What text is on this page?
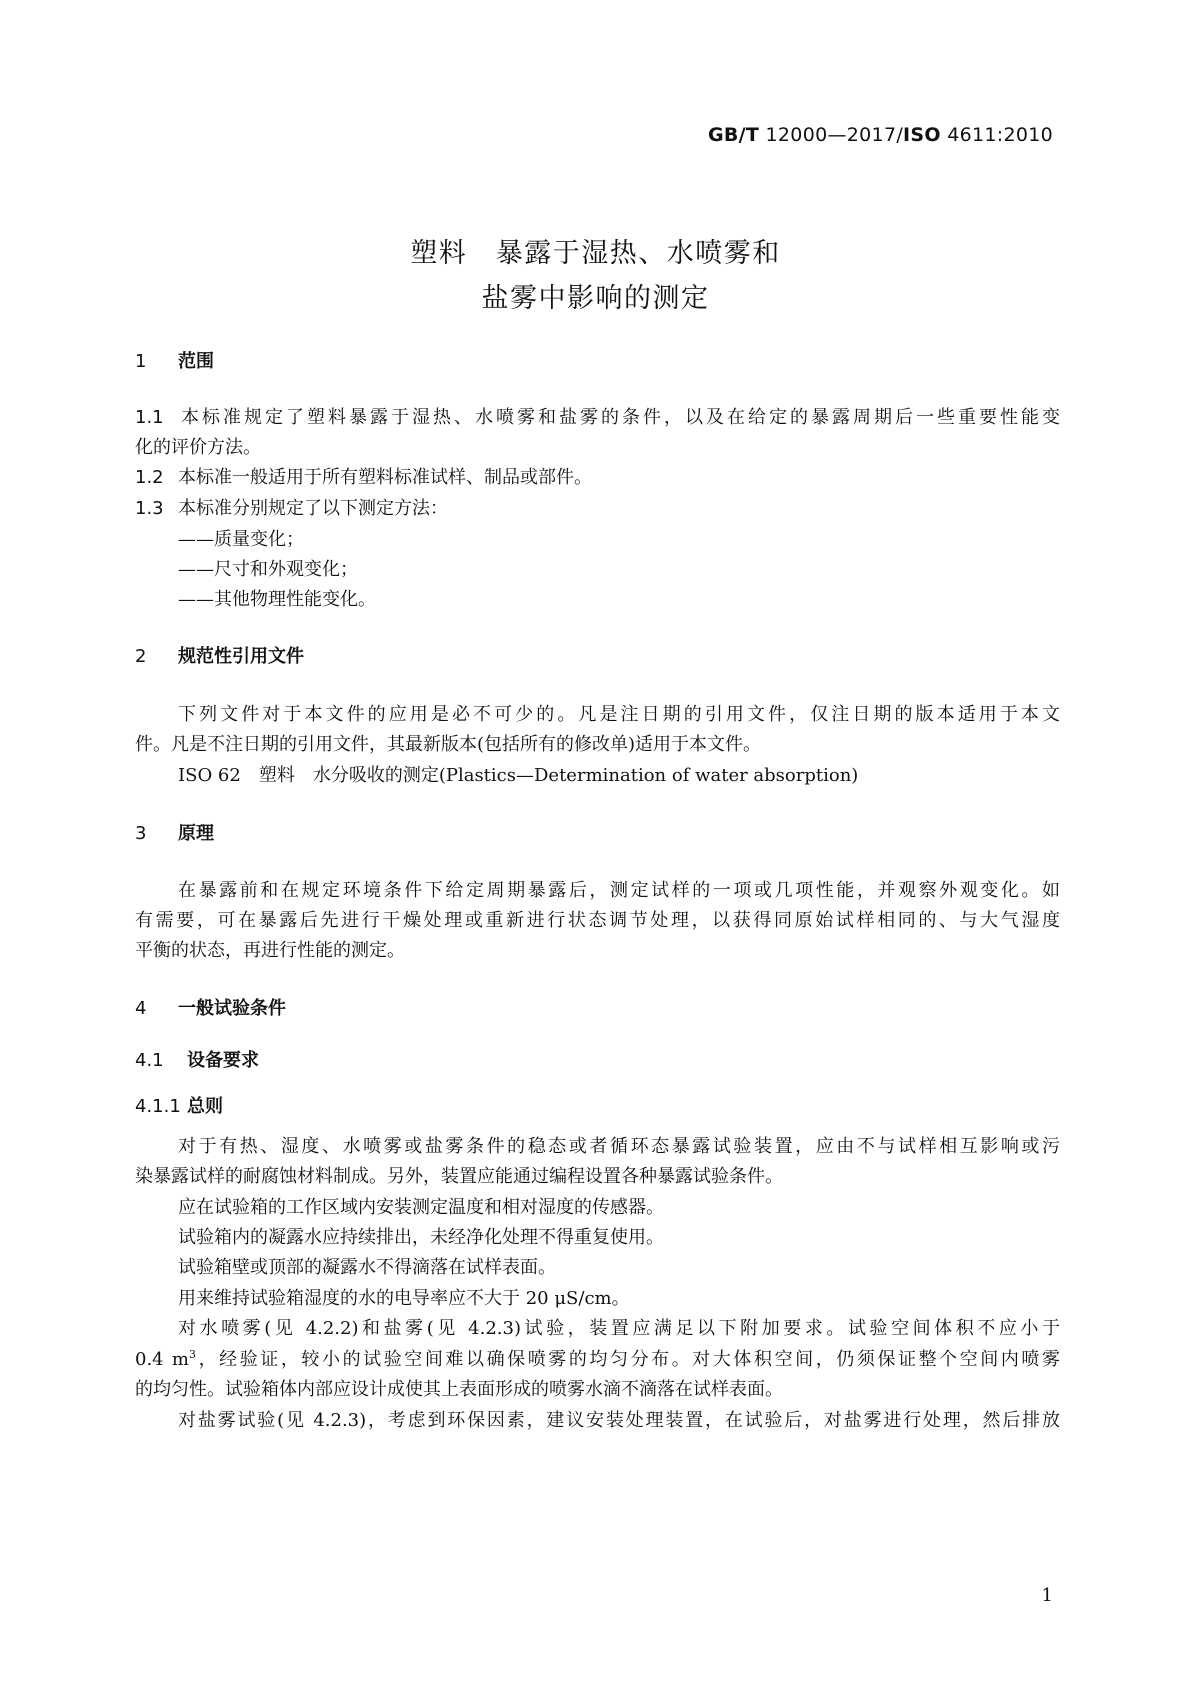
GB/T 12000—2017/ISO 4611:2010
塑料　暴露于湿热、水喷雾和
盐雾中影响的测定
1 范围
1.1 本标准规定了塑料暴露于湿热、水喷雾和盐雾的条件，以及在给定的暴露周期后一些重要性能变
化的评价方法。
1.2 本标准一般适用于所有塑料标准试样、制品或部件。
1.3 本标准分别规定了以下测定方法：
——质量变化；
——尺寸和外观变化；
——其他物理性能变化。
2 规范性引用文件
下列文件对于本文件的应用是必不可少的。凡是注日期的引用文件，仅注日期的版本适用于本文
件。凡是不注日期的引用文件，其最新版本(包括所有的修改单)适用于本文件。
ISO 62　塑料　水分吸收的测定(Plastics—Determination of water absorption)
3 原理
在暴露前和在规定环境条件下给定周期暴露后，测定试样的一项或几项性能，并观察外观变化。如
有需要，可在暴露后先进行干燥处理或重新进行状态调节处理，以获得同原始试样相同的、与大气湿度
平衡的状态，再进行性能的测定。
4 一般试验条件
4.1 设备要求
4.1.1 总则
对于有热、湿度、水喷雾或盐雾条件的稳态或者循环态暴露试验装置，应由不与试样相互影响或污
染暴露试样的耐腐蚀材料制成。另外，装置应能通过编程设置各种暴露试验条件。
应在试验箱的工作区域内安装测定温度和相对湿度的传感器。
试验箱内的凝露水应持续排出，未经净化处理不得重复使用。
试验箱壁或顶部的凝露水不得滴落在试样表面。
用来维持试验箱湿度的水的电导率应不大于 20 μS/cm。
对水喷雾(见 4.2.2)和盐雾(见 4.2.3)试验，装置应满足以下附加要求。试验空间体积不应小于
0.4 $m^3$，经验证，较小的试验空间难以确保喷雾的均匀分布。对大体积空间，仍须保证整个空间内喷雾
的均匀性。试验箱体内部应设计成使其上表面形成的喷雾水滴不滴落在试样表面。
对盐雾试验(见 4.2.3)，考虑到环保因素，建议安装处理装置，在试验后，对盐雾进行处理，然后排放
1
